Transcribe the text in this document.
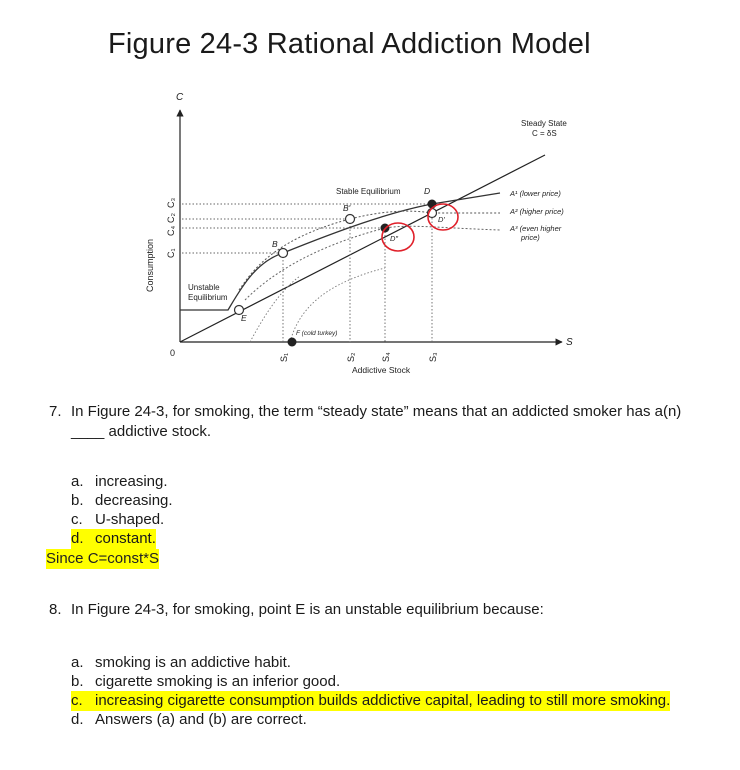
Figure 24-3 Rational Addiction Model
C
Consumption
0
S
Addictive Stock
C₃
C₂
C₄
C₁
S₁	S₂	S₄	S₃
Steady State
C = δS
Stable Equilibrium	D
B'
D″
D'
B
Unstable
Equilibrium
E
F (cold turkey)
A¹ (lower price)
A² (higher price)
A³ (even higher
price)
7. In Figure 24-3, for smoking, the term “steady state” means that an addicted smoker has a(n) ____ addictive stock.
a. increasing.
b. decreasing.
c. U-shaped.
d. constant.
Since C=const*S
8. In Figure 24-3, for smoking, point E is an unstable equilibrium because:
a. smoking is an addictive habit.
b. cigarette smoking is an inferior good.
c. increasing cigarette consumption builds addictive capital, leading to still more smoking.
d. Answers (a) and (b) are correct.
